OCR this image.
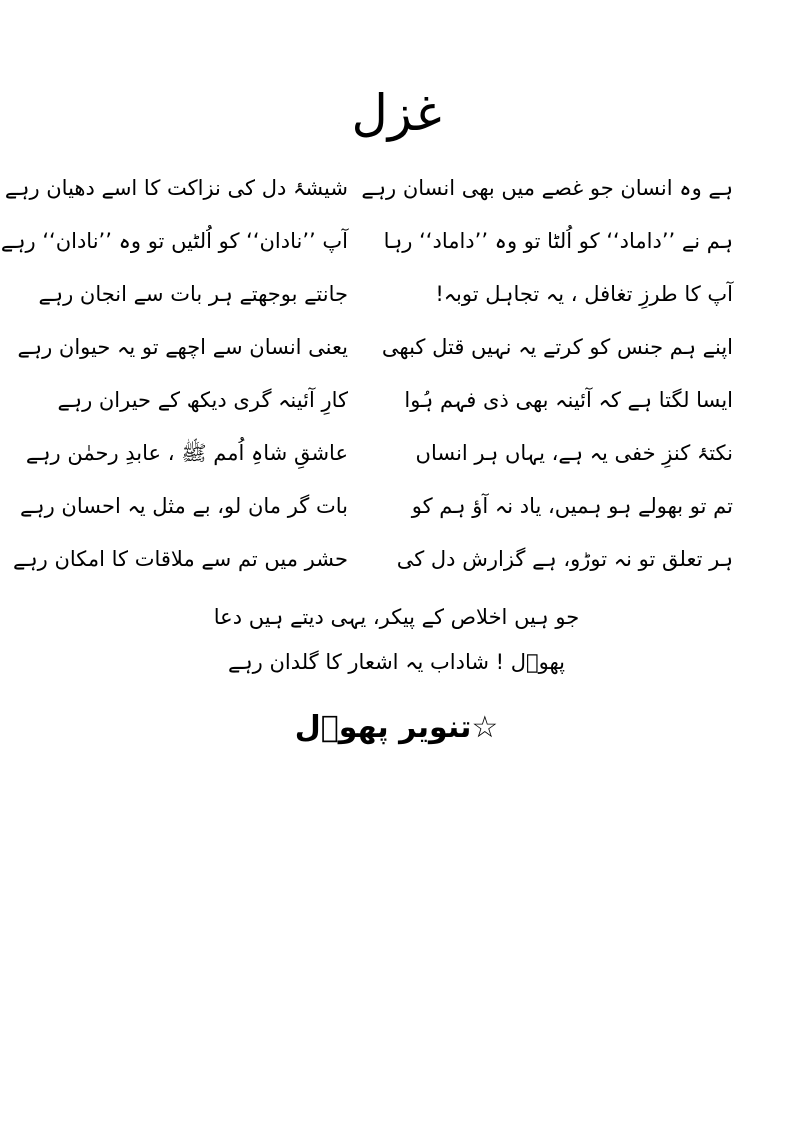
غزل
ہے وہ انسان جو غصے میں بھی انسان رہے
شیشۂ دل کی نزاکت کا اسے دھیان رہے
ہم نے ’’داماد‘‘ کو اُلٹا تو وہ ’’داماد‘‘ رہا
آپ ’’نادان‘‘ کو اُلٹیں تو وہ ’’نادان‘‘ رہے
آپ کا طرزِ تغافل ، یہ تجاہل توبہ!
جانتے بوجھتے ہر بات سے انجان رہے
اپنے ہم جنس کو کرتے یہ نہیں قتل کبھی
یعنی انسان سے اچھے تو یہ حیوان رہے
ایسا لگتا ہے کہ آئینہ بھی ذی فہم ہُوا
کارِ آئینہ گری دیکھ کے حیران رہے
نکتۂ کنزِ خفی یہ ہے، یہاں ہر انساں
عاشقِ شاہِ اُمم ﷺ ، عابدِ رحمٰن رہے
تم تو بھولے ہو ہمیں، یاد نہ آؤ ہم کو
بات گر مان لو، بے مثل یہ احسان رہے
ہر تعلق تو نہ توڑو، ہے گزارش دل کی
حشر میں تم سے ملاقات کا امکان رہے
جو ہیں اخلاص کے پیکر، یہی دیتے ہیں دعا
پھوؔل ! شاداب یہ اشعار کا گلدان رہے
☆تنویر پھوؔل
